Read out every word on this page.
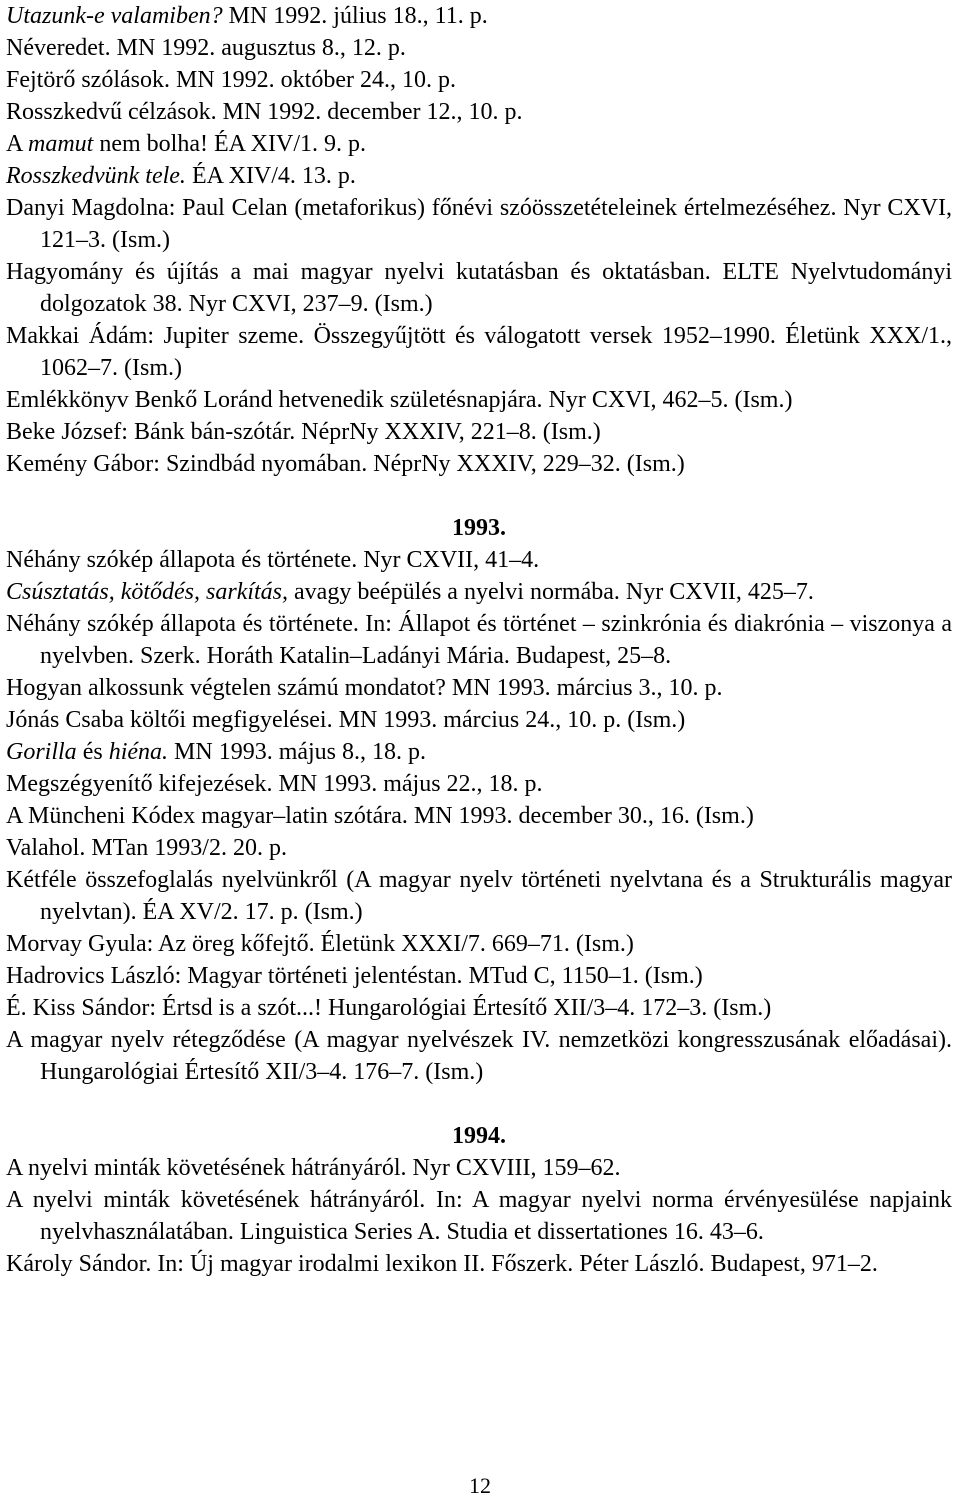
Utazunk-e valamiben? MN 1992. július 18., 11. p.

Néveredet. MN 1992. augusztus 8., 12. p.

Fejtörő szólások. MN 1992. október 24., 10. p.

Rosszkedvű célzások. MN 1992. december 12., 10. p.

A mamut nem bolha! ÉA XIV/1. 9. p.

Rosszkedvünk tele. ÉA XIV/4. 13. p.

Danyi Magdolna: Paul Celan (metaforikus) főnévi szóösszetételeinek értelmezéséhez. Nyr CXVI, 121–3. (Ism.)

Hagyomány és újítás a mai magyar nyelvi kutatásban és oktatásban. ELTE Nyelvtudományi dolgozatok 38. Nyr CXVI, 237–9. (Ism.)

Makkai Ádám: Jupiter szeme. Összegyűjtött és válogatott versek 1952–1990. Életünk XXX/1., 1062–7. (Ism.)

Emlékkönyv Benkő Loránd hetvenedik születésnapjára. Nyr CXVI, 462–5. (Ism.)

Beke József: Bánk bán-szótár. NéprNy XXXIV, 221–8. (Ism.)

Kemény Gábor: Szindbád nyomában. NéprNy XXXIV, 229–32. (Ism.)

1993.

Néhány szókép állapota és története. Nyr CXVII, 41–4.

Csúsztatás, kötődés, sarkítás, avagy beépülés a nyelvi normába. Nyr CXVII, 425–7.

Néhány szókép állapota és története. In: Állapot és történet – szinkrónia és diakrónia – viszonya a nyelvben. Szerk. Horáth Katalin–Ladányi Mária. Budapest, 25–8.

Hogyan alkossunk végtelen számú mondatot? MN 1993. március 3., 10. p.

Jónás Csaba költői megfigyelései. MN 1993. március 24., 10. p. (Ism.)

Gorilla és hiéna. MN 1993. május 8., 18. p.

Megszégyenítő kifejezések. MN 1993. május 22., 18. p.

A Müncheni Kódex magyar–latin szótára. MN 1993. december 30., 16. (Ism.)

Valahol. MTan 1993/2. 20. p.

Kétféle összefoglalás nyelvünkről (A magyar nyelv történeti nyelvtana és a Strukturális magyar nyelvtan). ÉA XV/2. 17. p. (Ism.)

Morvay Gyula: Az öreg kőfejtő. Életünk XXXI/7. 669–71. (Ism.)

Hadrovics László: Magyar történeti jelentéstan. MTud C, 1150–1. (Ism.)

É. Kiss Sándor: Értsd is a szót...! Hungarológiai Értesítő XII/3–4. 172–3. (Ism.)

A magyar nyelv rétegződése (A magyar nyelvészek IV. nemzetközi kongresszusának előadásai). Hungarológiai Értesítő XII/3–4. 176–7. (Ism.)

1994.

A nyelvi minták követésének hátrányáról. Nyr CXVIII, 159–62.

A nyelvi minták követésének hátrányáról. In: A magyar nyelvi norma érvényesülése napjaink nyelvhasználatában. Linguistica Series A. Studia et dissertationes 16. 43–6.

Károly Sándor. In: Új magyar irodalmi lexikon II. Főszerk. Péter László. Budapest, 971–2.

12
